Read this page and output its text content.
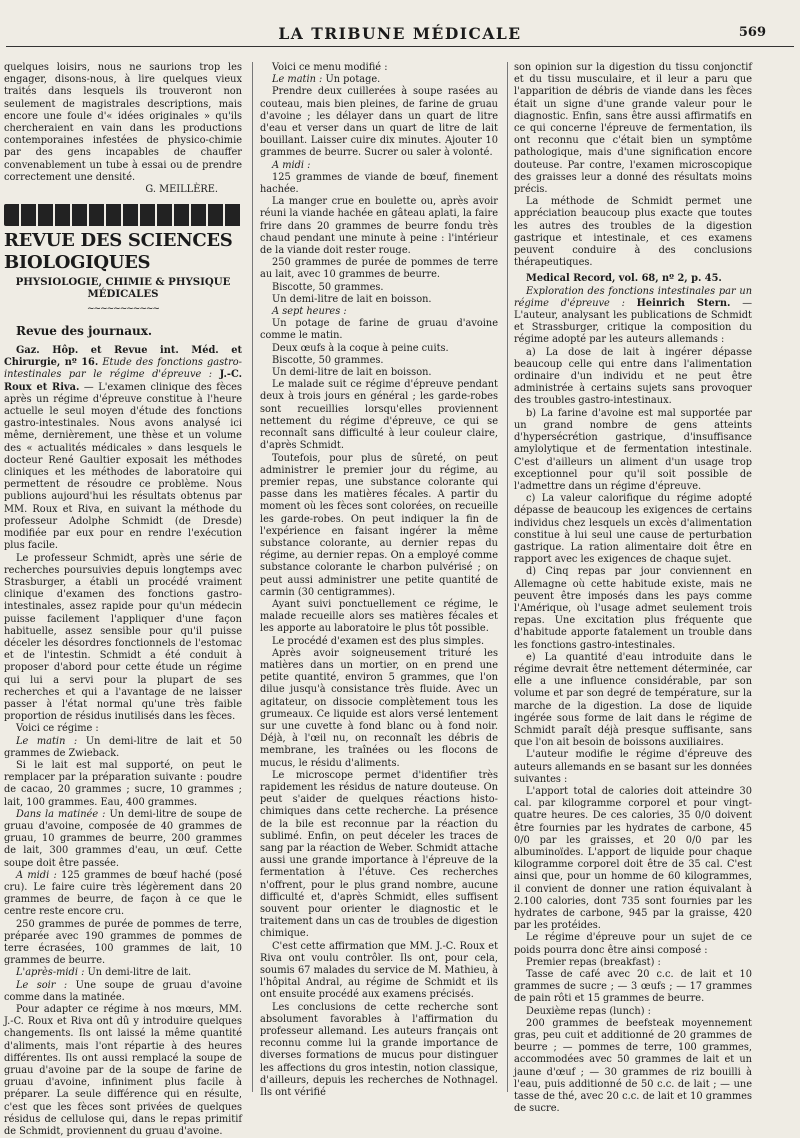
LA TRIBUNE MÉDICALE	569

quelques loisirs, nous ne saurions trop les engager, disons-nous, à lire quelques vieux traités dans lesquels ils trouveront non seulement de magistrales descriptions, mais encore une foule d'« idées originales » qu'ils chercheraient en vain dans les productions contemporaines infestées de physico-chimie par des gens incapables de chauffer convenablement un tube à essai ou de prendre correctement une densité.

G. MEILLÈRE.

REVUE DES SCIENCES BIOLOGIQUES
PHYSIOLOGIE, CHIMIE & PHYSIQUE MÉDICALES
~~~~~~~~~~~
Revue des journaux.

Gaz. Hôp. et Revue int. Méd. et Chirurgie, nº 16. Etude des fonctions gastro-intestinales par le régime d'épreuve : J.-C. Roux et Riva. — L'examen clinique des fèces après un régime d'épreuve constitue à l'heure actuelle le seul moyen d'étude des fonctions gastro-intestinales. Nous avons analysé ici même, dernièrement, une thèse et un volume des « actualités médicales » dans lesquels le docteur René Gaultier exposait les méthodes cliniques et les méthodes de laboratoire qui permettent de résoudre ce problème. Nous publions aujourd'hui les résultats obtenus par MM. Roux et Riva, en suivant la méthode du professeur Adolphe Schmidt (de Dresde) modifiée par eux pour en rendre l'exécution plus facile.

Le professeur Schmidt, après une série de recherches poursuivies depuis longtemps avec Strasburger, a établi un procédé vraiment clinique d'examen des fonctions gastro-intestinales, assez rapide pour qu'un médecin puisse facilement l'appliquer d'une façon habituelle, assez sensible pour qu'il puisse déceler les désordres fonctionnels de l'estomac et de l'intestin. Schmidt a été conduit à proposer d'abord pour cette étude un régime qui lui a servi pour la plupart de ses recherches et qui a l'avantage de ne laisser passer à l'état normal qu'une très faible proportion de résidus inutilisés dans les fèces.

Voici ce régime :

Le matin : Un demi-litre de lait et 50 grammes de Zwieback.

Si le lait est mal supporté, on peut le remplacer par la préparation suivante : poudre de cacao, 20 grammes ; sucre, 10 grammes ; lait, 100 grammes. Eau, 400 grammes.

Dans la matinée : Un demi-litre de soupe de gruau d'avoine, composée de 40 grammes de gruau, 10 grammes de beurre, 200 grammes de lait, 300 grammes d'eau, un œuf. Cette soupe doit être passée.

A midi : 125 grammes de bœuf haché (posé cru). Le faire cuire très légèrement dans 20 grammes de beurre, de façon à ce que le centre reste encore cru.

250 grammes de purée de pommes de terre, préparée avec 190 grammes de pommes de terre écrasées, 100 grammes de lait, 10 grammes de beurre.

L'après-midi : Un demi-litre de lait.

Le soir : Une soupe de gruau d'avoine comme dans la matinée.

Pour adapter ce régime à nos mœurs, MM. J.-C. Roux et Riva ont dû y introduire quelques changements. Ils ont laissé la même quantité d'aliments, mais l'ont répartie à des heures différentes. Ils ont aussi remplacé la soupe de gruau d'avoine par de la soupe de farine de gruau d'avoine, infiniment plus facile à préparer. La seule différence qui en résulte, c'est que les fèces sont privées de quelques résidus de cellulose qui, dans le repas primitif de Schmidt, proviennent du gruau d'avoine.

Voici ce menu modifié :

Le matin : Un potage.

Prendre deux cuillerées à soupe rasées au couteau, mais bien pleines, de farine de gruau d'avoine ; les délayer dans un quart de litre d'eau et verser dans un quart de litre de lait bouillant. Laisser cuire dix minutes. Ajouter 10 grammes de beurre. Sucrer ou saler à volonté.

A midi :

125 grammes de viande de bœuf, finement hachée.

La manger crue en boulette ou, après avoir réuni la viande hachée en gâteau aplati, la faire frire dans 20 grammes de beurre fondu très chaud pendant une minute à peine : l'intérieur de la viande doit rester rouge.

250 grammes de purée de pommes de terre au lait, avec 10 grammes de beurre.

Biscotte, 50 grammes.

Un demi-litre de lait en boisson.

A sept heures :

Un potage de farine de gruau d'avoine comme le matin.

Deux œufs à la coque à peine cuits.

Biscotte, 50 grammes.

Un demi-litre de lait en boisson.

Le malade suit ce régime d'épreuve pendant deux à trois jours en général ; les garde-robes sont recueillies lorsqu'elles proviennent nettement du régime d'épreuve, ce qui se reconnaît sans difficulté à leur couleur claire, d'après Schmidt.

Toutefois, pour plus de sûreté, on peut administrer le premier jour du régime, au premier repas, une substance colorante qui passe dans les matières fécales. A partir du moment où les fèces sont colorées, on recueille les garde-robes. On peut indiquer la fin de l'expérience en faisant ingérer la même substance colorante, au dernier repas du régime, au dernier repas. On a employé comme substance colorante le charbon pulvérisé ; on peut aussi administrer une petite quantité de carmin (30 centigrammes).

Ayant suivi ponctuellement ce régime, le malade recueille alors ses matières fécales et les apporte au laboratoire le plus tôt possible.

Le procédé d'examen est des plus simples.

Après avoir soigneusement trituré les matières dans un mortier, on en prend une petite quantité, environ 5 grammes, que l'on dilue jusqu'à consistance très fluide. Avec un agitateur, on dissocie complètement tous les grumeaux. Ce liquide est alors versé lentement sur une cuvette à fond blanc ou à fond noir. Déjà, à l'œil nu, on reconnaît les débris de membrane, les traînées ou les flocons de mucus, le résidu d'aliments.

Le microscope permet d'identifier très rapidement les résidus de nature douteuse. On peut s'aider de quelques réactions histo-chimiques dans cette recherche. La présence de la bile est reconnue par la réaction du sublimé. Enfin, on peut déceler les traces de sang par la réaction de Weber. Schmidt attache aussi une grande importance à l'épreuve de la fermentation à l'étuve. Ces recherches n'offrent, pour le plus grand nombre, aucune difficulté et, d'après Schmidt, elles suffisent souvent pour orienter le diagnostic et le traitement dans un cas de troubles de digestion chimique.

C'est cette affirmation que MM. J.-C. Roux et Riva ont voulu contrôler. Ils ont, pour cela, soumis 67 malades du service de M. Mathieu, à l'hôpital Andral, au régime de Schmidt et ils ont ensuite procédé aux examens précisés.

Les conclusions de cette recherche sont absolument favorables à l'affirmation du professeur allemand. Les auteurs français ont reconnu comme lui la grande importance de diverses formations de mucus pour distinguer les affections du gros intestin, notion classique, d'ailleurs, depuis les recherches de Nothnagel. Ils ont vérifié

son opinion sur la digestion du tissu conjonctif et du tissu musculaire, et il leur a paru que l'apparition de débris de viande dans les fèces était un signe d'une grande valeur pour le diagnostic. Enfin, sans être aussi affirmatifs en ce qui concerne l'épreuve de fermentation, ils ont reconnu que c'était bien un symptôme pathologique, mais d'une signification encore douteuse. Par contre, l'examen microscopique des graisses leur a donné des résultats moins précis.

La méthode de Schmidt permet une appréciation beaucoup plus exacte que toutes les autres des troubles de la digestion gastrique et intestinale, et ces examens peuvent conduire à des conclusions thérapeutiques.

Medical Record, vol. 68, nº 2, p. 45.

Exploration des fonctions intestinales par un régime d'épreuve : Heinrich Stern. — L'auteur, analysant les publications de Schmidt et Strassburger, critique la composition du régime adopté par les auteurs allemands :

a) La dose de lait à ingérer dépasse beaucoup celle qui entre dans l'alimentation ordinaire d'un individu et ne peut être administrée à certains sujets sans provoquer des troubles gastro-intestinaux.

b) La farine d'avoine est mal supportée par un grand nombre de gens atteints d'hypersécrétion gastrique, d'insuffisance amylolytique et de fermentation intestinale. C'est d'ailleurs un aliment d'un usage trop exceptionnel pour qu'il soit possible de l'admettre dans un régime d'épreuve.

c) La valeur calorifique du régime adopté dépasse de beaucoup les exigences de certains individus chez lesquels un excès d'alimentation constitue à lui seul une cause de perturbation gastrique. La ration alimentaire doit être en rapport avec les exigences de chaque sujet.

d) Cinq repas par jour conviennent en Allemagne où cette habitude existe, mais ne peuvent être imposés dans les pays comme l'Amérique, où l'usage admet seulement trois repas. Une excitation plus fréquente que d'habitude apporte fatalement un trouble dans les fonctions gastro-intestinales.

e) La quantité d'eau introduite dans le régime devrait être nettement déterminée, car elle a une influence considérable, par son volume et par son degré de température, sur la marche de la digestion. La dose de liquide ingérée sous forme de lait dans le régime de Schmidt paraît déjà presque suffisante, sans que l'on ait besoin de boissons auxiliaires.

L'auteur modifie le régime d'épreuve des auteurs allemands en se basant sur les données suivantes :

L'apport total de calories doit atteindre 30 cal. par kilogramme corporel et pour vingt-quatre heures. De ces calories, 35 0/0 doivent être fournies par les hydrates de carbone, 45 0/0 par les graisses, et 20 0/0 par les albuminoïdes. L'apport de liquide pour chaque kilogramme corporel doit être de 35 cal. C'est ainsi que, pour un homme de 60 kilogrammes, il convient de donner une ration équivalant à 2.100 calories, dont 735 sont fournies par les hydrates de carbone, 945 par la graisse, 420 par les protéides.

Le régime d'épreuve pour un sujet de ce poids pourra donc être ainsi composé :

Premier repas (breakfast) :

Tasse de café avec 20 c.c. de lait et 10 grammes de sucre ; — 3 œufs ; — 17 grammes de pain rôti et 15 grammes de beurre.

Deuxième repas (lunch) :

200 grammes de beefsteak moyennement gras, peu cuit et additionné de 20 grammes de beurre ; — pommes de terre, 100 grammes, accommodées avec 50 grammes de lait et un jaune d'œuf ; — 30 grammes de riz bouilli à l'eau, puis additionné de 50 c.c. de lait ; — une tasse de thé, avec 20 c.c. de lait et 10 grammes de sucre.
